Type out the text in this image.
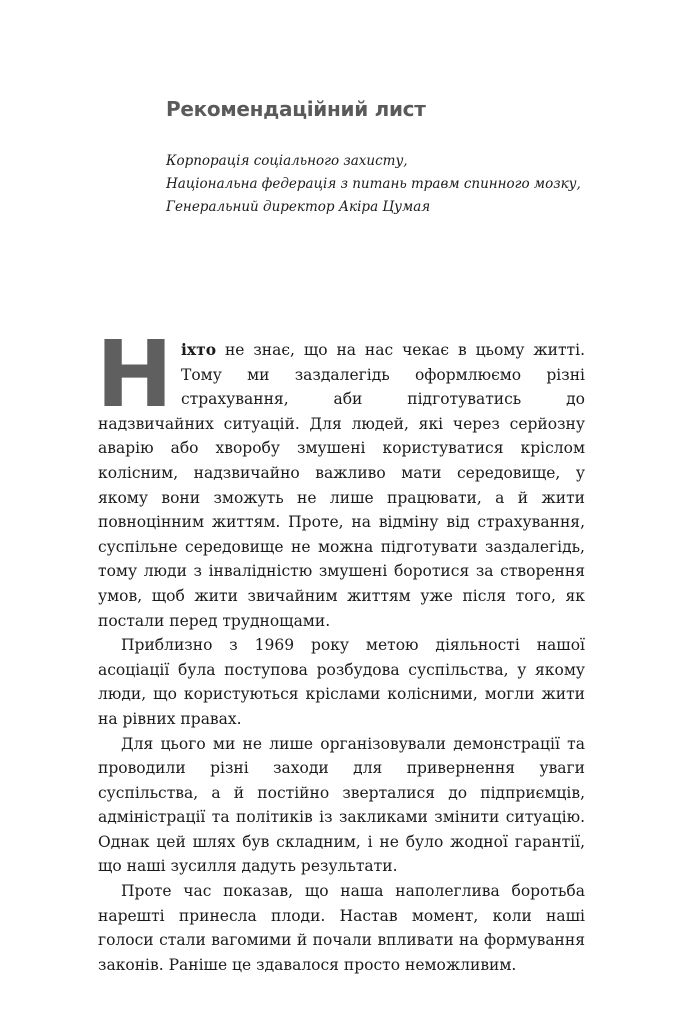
Рекомендаційний лист
Корпорація соціального захисту,
Національна федерація з питань травм спинного мозку,
Генеральний директор Акіра Цумая

Ніхто не знає, що на нас чекає в цьому житті. Тому ми заздалегідь оформлюємо різні страхування, аби підготуватись до надзвичайних ситуацій. Для людей, які через серйозну аварію або хворобу змушені користуватися кріслом колісним, надзвичайно важливо мати середовище, у якому вони зможуть не лише працювати, а й жити повноцінним життям. Проте, на відміну від страхування, суспільне середовище не можна підготувати заздалегідь, тому люди з інвалідністю змушені боротися за створення умов, щоб жити звичайним життям уже після того, як постали перед труднощами.

Приблизно з 1969 року метою діяльності нашої асоціації була поступова розбудова суспільства, у якому люди, що користуються кріслами колісними, могли жити на рівних правах.

Для цього ми не лише організовували демонстрації та проводили різні заходи для привернення уваги суспільства, а й постійно зверталися до підприємців, адміністрації та політиків із закликами змінити ситуацію. Однак цей шлях був складним, і не було жодної гарантії, що наші зусилля дадуть результати.

Проте час показав, що наша наполеглива боротьба нарешті принесла плоди. Настав момент, коли наші голоси стали вагомими й почали впливати на формування законів. Раніше це здавалося просто неможливим.
